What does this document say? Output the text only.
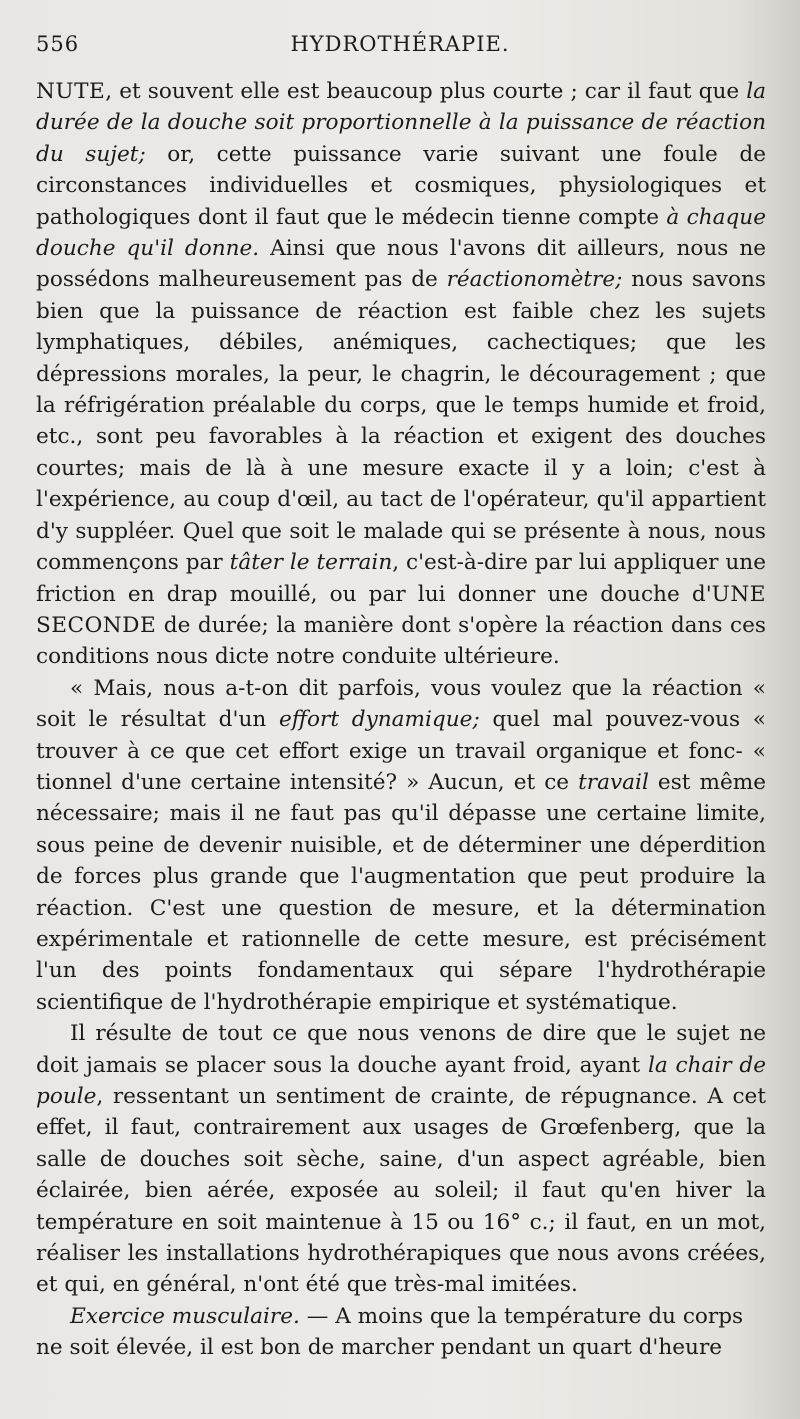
556	HYDROTHÉRAPIE.

NUTE, et souvent elle est beaucoup plus courte ; car il faut que la durée de la douche soit proportionnelle à la puissance de réaction du sujet; or, cette puissance varie suivant une foule de circonstances individuelles et cosmiques, physiologiques et pathologiques dont il faut que le médecin tienne compte à chaque douche qu'il donne. Ainsi que nous l'avons dit ailleurs, nous ne possédons malheureusement pas de réactionomètre; nous savons bien que la puissance de réaction est faible chez les sujets lymphatiques, débiles, anémiques, cachectiques; que les dépressions morales, la peur, le chagrin, le découragement ; que la réfrigération préalable du corps, que le temps humide et froid, etc., sont peu favorables à la réaction et exigent des douches courtes; mais de là à une mesure exacte il y a loin; c'est à l'expérience, au coup d'œil, au tact de l'opérateur, qu'il appartient d'y suppléer. Quel que soit le malade qui se présente à nous, nous commençons par tâter le terrain, c'est-à-dire par lui appliquer une friction en drap mouillé, ou par lui donner une douche d'UNE SECONDE de durée; la manière dont s'opère la réaction dans ces conditions nous dicte notre conduite ultérieure.

« Mais, nous a-t-on dit parfois, vous voulez que la réaction « soit le résultat d'un effort dynamique; quel mal pouvez-vous « trouver à ce que cet effort exige un travail organique et fonc- « tionnel d'une certaine intensité? » Aucun, et ce travail est même nécessaire; mais il ne faut pas qu'il dépasse une certaine limite, sous peine de devenir nuisible, et de déterminer une déperdition de forces plus grande que l'augmentation que peut produire la réaction. C'est une question de mesure, et la détermination expérimentale et rationnelle de cette mesure, est précisément l'un des points fondamentaux qui sépare l'hydrothérapie scientifique de l'hydrothérapie empirique et systématique.

Il résulte de tout ce que nous venons de dire que le sujet ne doit jamais se placer sous la douche ayant froid, ayant la chair de poule, ressentant un sentiment de crainte, de répugnance. A cet effet, il faut, contrairement aux usages de Grœfenberg, que la salle de douches soit sèche, saine, d'un aspect agréable, bien éclairée, bien aérée, exposée au soleil; il faut qu'en hiver la température en soit maintenue à 15 ou 16° c.; il faut, en un mot, réaliser les installations hydrothérapiques que nous avons créées, et qui, en général, n'ont été que très-mal imitées.

Exercice musculaire. — A moins que la température du corps ne soit élevée, il est bon de marcher pendant un quart d'heure
